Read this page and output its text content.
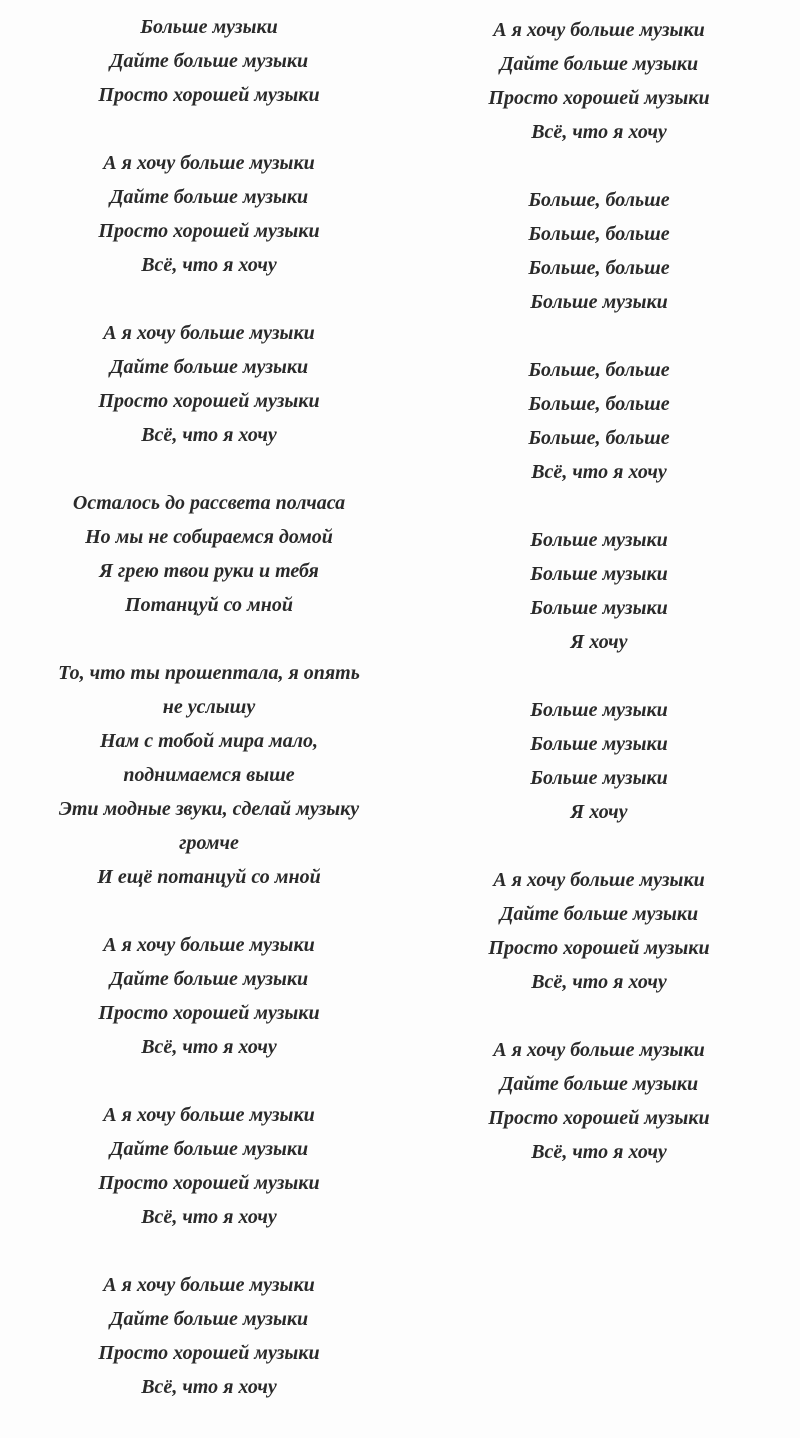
Больше музыки
Дайте больше музыки
Просто хорошей музыки
А я хочу больше музыки
Дайте больше музыки
Просто хорошей музыки
Всё, что я хочу
А я хочу больше музыки
Дайте больше музыки
Просто хорошей музыки
Всё, что я хочу
Осталось до рассвета полчаса
Но мы не собираемся домой
Я грею твои руки и тебя
Потанцуй со мной
То, что ты прошептала, я опять
не услышу
Нам с тобой мира мало,
поднимаемся выше
Эти модные звуки, сделай музыку
громче
И ещё потанцуй со мной
А я хочу больше музыки
Дайте больше музыки
Просто хорошей музыки
Всё, что я хочу
А я хочу больше музыки
Дайте больше музыки
Просто хорошей музыки
Всё, что я хочу
А я хочу больше музыки
Дайте больше музыки
Просто хорошей музыки
Всё, что я хочу
А я хочу больше музыки
Дайте больше музыки
Просто хорошей музыки
Всё, что я хочу
Больше, больше
Больше, больше
Больше, больше
Больше музыки
Больше, больше
Больше, больше
Больше, больше
Всё, что я хочу
Больше музыки
Больше музыки
Больше музыки
Я хочу
Больше музыки
Больше музыки
Больше музыки
Я хочу
А я хочу больше музыки
Дайте больше музыки
Просто хорошей музыки
Всё, что я хочу
А я хочу больше музыки
Дайте больше музыки
Просто хорошей музыки
Всё, что я хочу
